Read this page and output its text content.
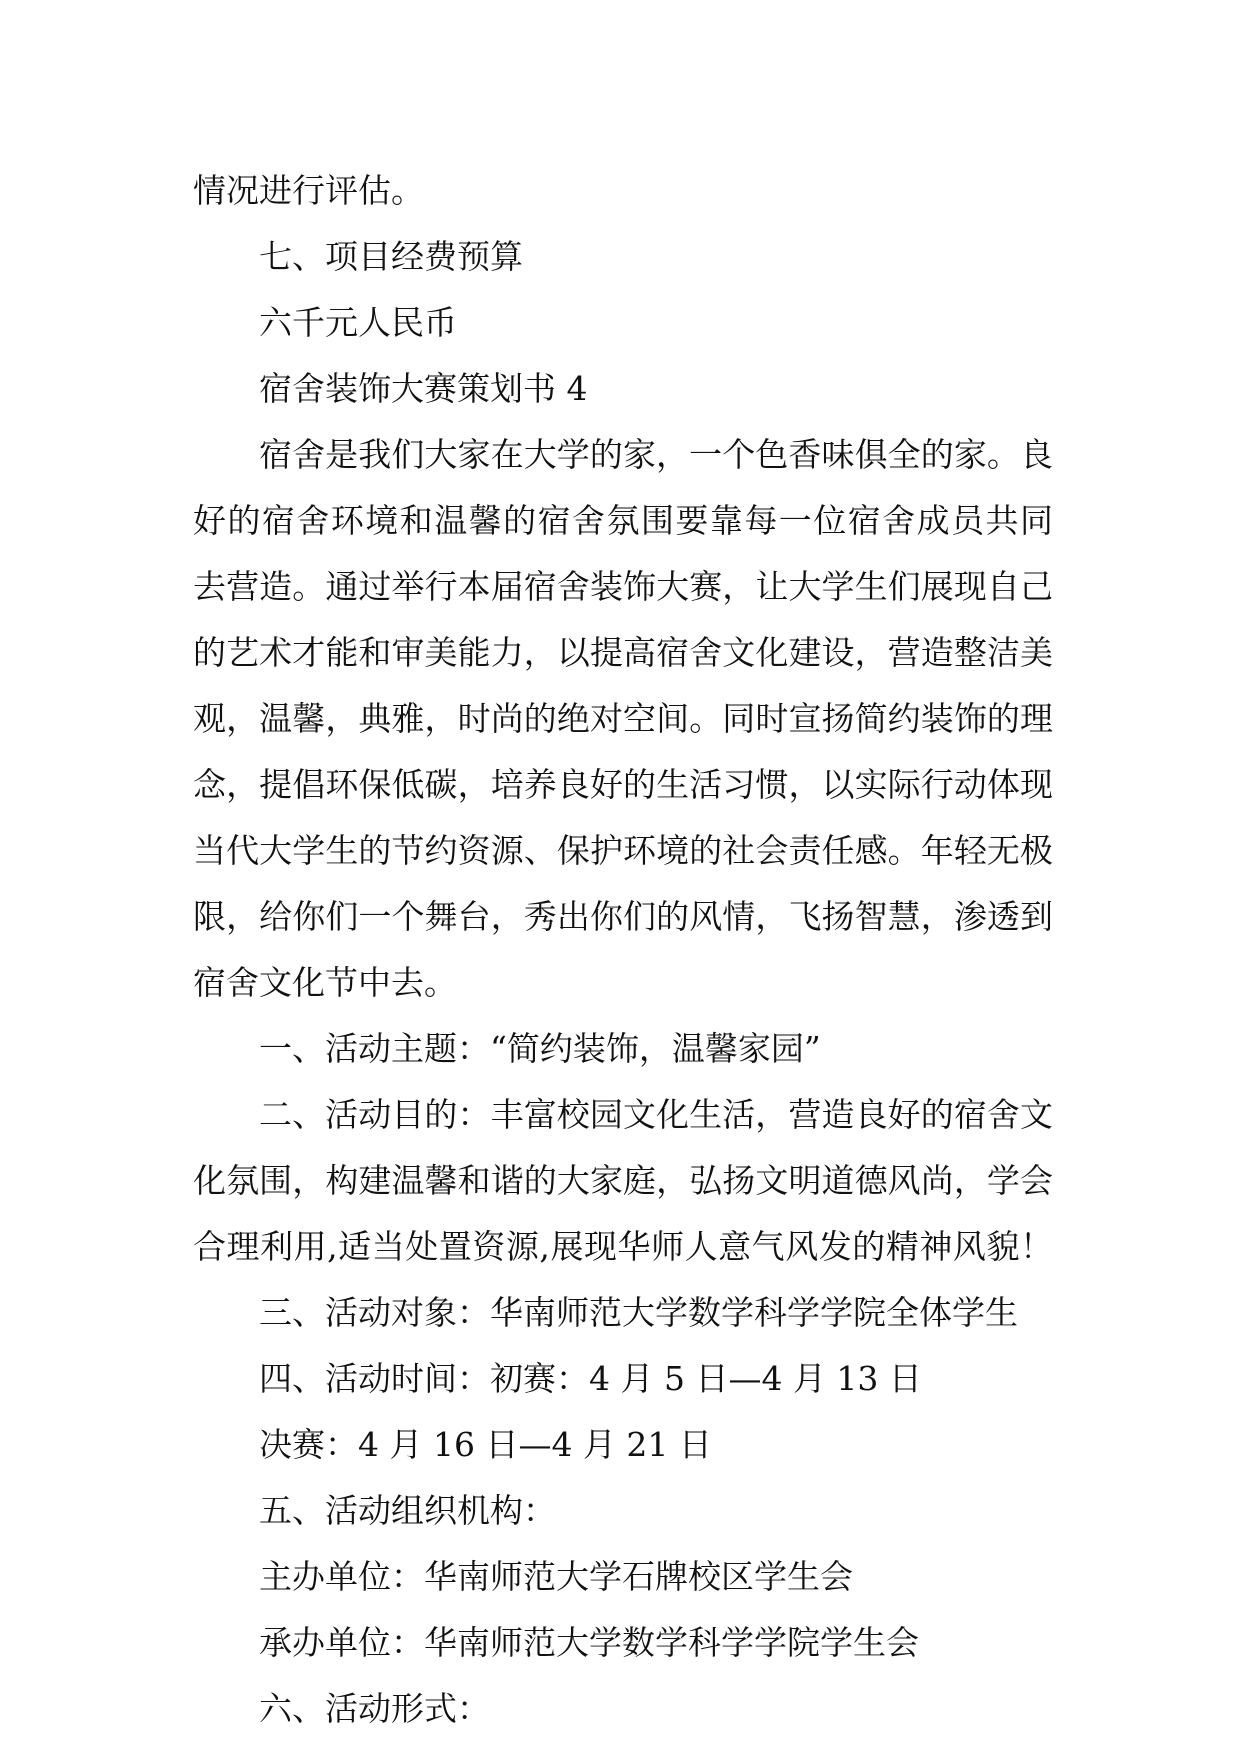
情况进行评估。
七、项目经费预算
六千元人民币
宿舍装饰大赛策划书 4
宿舍是我们大家在大学的家，一个色香味俱全的家。良
好的宿舍环境和温馨的宿舍氛围要靠每一位宿舍成员共同
去营造。通过举行本届宿舍装饰大赛，让大学生们展现自己
的艺术才能和审美能力，以提高宿舍文化建设，营造整洁美
观，温馨，典雅，时尚的绝对空间。同时宣扬简约装饰的理
念，提倡环保低碳，培养良好的生活习惯，以实际行动体现
当代大学生的节约资源、保护环境的社会责任感。年轻无极
限，给你们一个舞台，秀出你们的风情，飞扬智慧，渗透到
宿舍文化节中去。
一、活动主题：“简约装饰，温馨家园”
二、活动目的：丰富校园文化生活，营造良好的宿舍文
化氛围，构建温馨和谐的大家庭，弘扬文明道德风尚，学会
合理利用,适当处置资源,展现华师人意气风发的精神风貌！
三、活动对象：华南师范大学数学科学学院全体学生
四、活动时间：初赛：4 月 5 日—4 月 13 日
决赛：4 月 16 日—4 月 21 日
五、活动组织机构：
主办单位：华南师范大学石牌校区学生会
承办单位：华南师范大学数学科学学院学生会
六、活动形式：
